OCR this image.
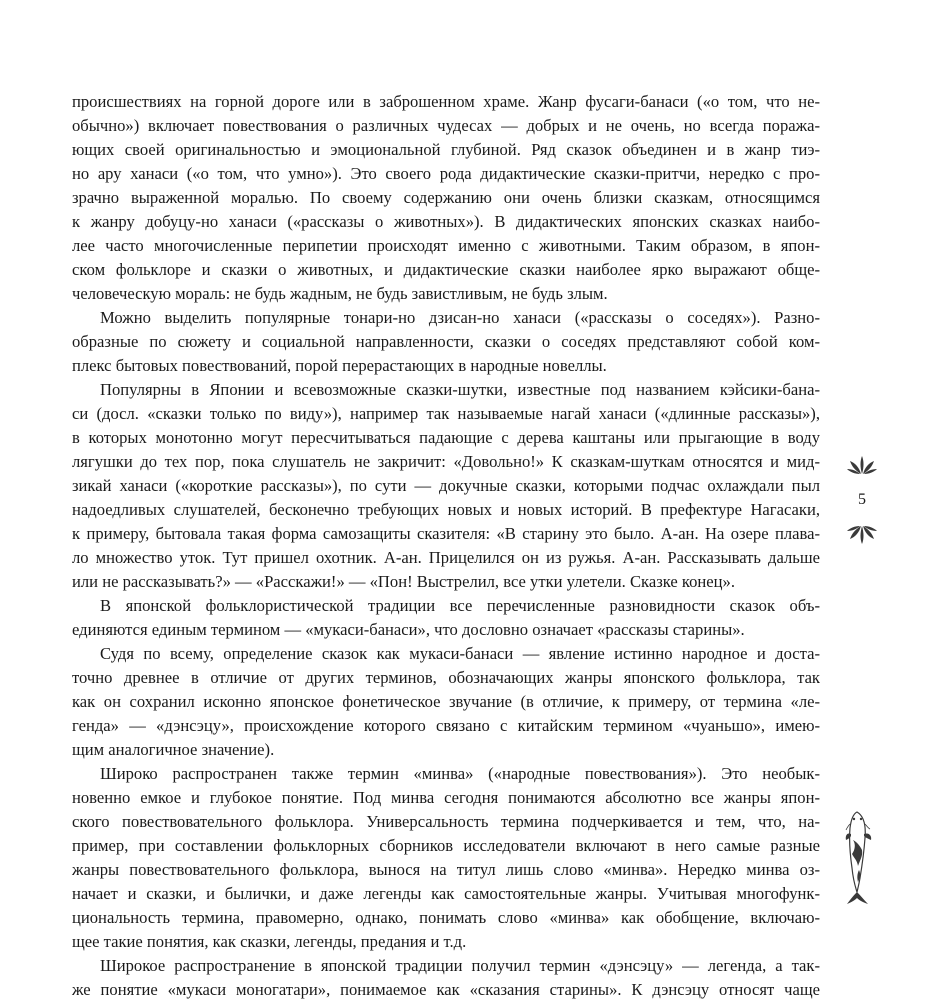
происшествиях на горной дороге или в заброшенном храме. Жанр фусаги-банаси («о том, что не-
обычно») включает повествования о различных чудесах — добрых и не очень, но всегда поража-
ющих своей оригинальностью и эмоциональной глубиной. Ряд сказок объединен и в жанр тиэ-
но ару ханаси («о том, что умно»). Это своего рода дидактические сказки-притчи, нередко с про-
зрачно выраженной моралью. По своему содержанию они очень близки сказкам, относящимся
к жанру добуцу-но ханаси («рассказы о животных»). В дидактических японских сказках наибо-
лее часто многочисленные перипетии происходят именно с животными. Таким образом, в япон-
ском фольклоре и сказки о животных, и дидактические сказки наиболее ярко выражают обще-
человеческую мораль: не будь жадным, не будь завистливым, не будь злым.
Можно выделить популярные тонари-но дзисан-но ханаси («рассказы о соседях»). Разно-
образные по сюжету и социальной направленности, сказки о соседях представляют собой ком-
плекс бытовых повествований, порой перерастающих в народные новеллы.
Популярны в Японии и всевозможные сказки-шутки, известные под названием кэйсики-бана-
си (досл. «сказки только по виду»), например так называемые нагай ханаси («длинные рассказы»),
в которых монотонно могут пересчитываться падающие с дерева каштаны или прыгающие в воду
лягушки до тех пор, пока слушатель не закричит: «Довольно!» К сказкам-шуткам относятся и мид-
зикай ханаси («короткие рассказы»), по сути — докучные сказки, которыми подчас охлаждали пыл
надоедливых слушателей, бесконечно требующих новых и новых историй. В префектуре Нагасаки,
к примеру, бытовала такая форма самозащиты сказителя: «В старину это было. А-ан. На озере плава-
ло множество уток. Тут пришел охотник. А-ан. Прицелился он из ружья. А-ан. Рассказывать дальше
или не рассказывать?» — «Расскажи!» — «Пон! Выстрелил, все утки улетели. Сказке конец».
В японской фольклористической традиции все перечисленные разновидности сказок объ-
единяются единым термином — «мукаси-банаси», что дословно означает «рассказы старины».
Судя по всему, определение сказок как мукаси-банаси — явление истинно народное и доста-
точно древнее в отличие от других терминов, обозначающих жанры японского фольклора, так
как он сохранил исконно японское фонетическое звучание (в отличие, к примеру, от термина «ле-
генда» — «дэнсэцу», происхождение которого связано с китайским термином «чуаньшо», имею-
щим аналогичное значение).
Широко распространен также термин «минва» («народные повествования»). Это необык-
новенно емкое и глубокое понятие. Под минва сегодня понимаются абсолютно все жанры япон-
ского повествовательного фольклора. Универсальность термина подчеркивается и тем, что, на-
пример, при составлении фольклорных сборников исследователи включают в него самые разные
жанры повествовательного фольклора, вынося на титул лишь слово «минва». Нередко минва оз-
начает и сказки, и былички, и даже легенды как самостоятельные жанры. Учитывая многофунк-
циональность термина, правомерно, однако, понимать слово «минва» как обобщение, включаю-
щее такие понятия, как сказки, легенды, предания и т.д.
Широкое распространение в японской традиции получил термин «дэнсэцу» — легенда, а так-
же понятие «мукаси моногатари», понимаемое как «сказания старины». К дэнсэцу относят чаще
5
